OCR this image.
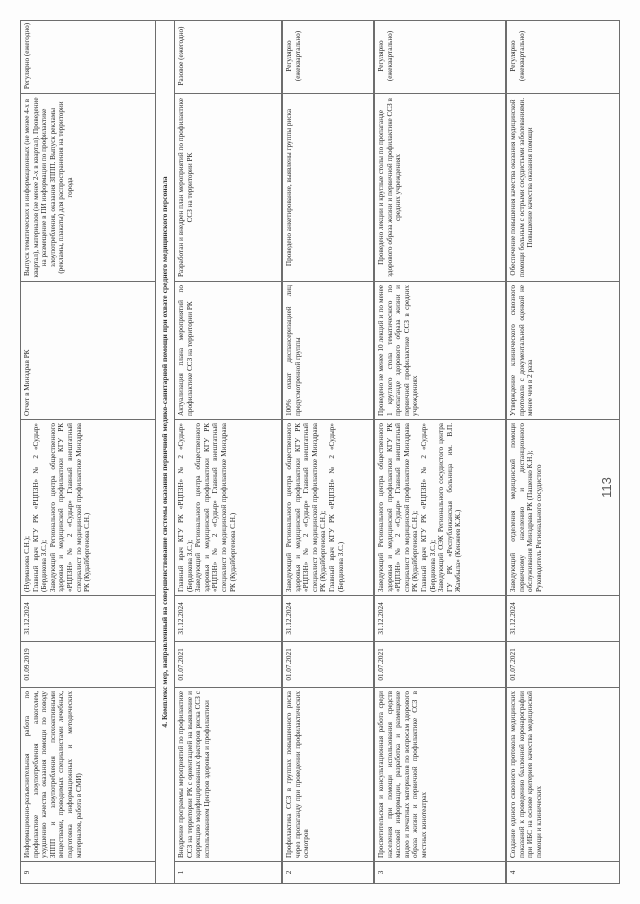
9
Информационно-разъяснительная работа по профилактике злоупотребления алкоголем, ухудшению качества оказания помощи по поводу ЗППП и злоупотребления психоактивными веществами, проводимых специалистами лечебных, подготовка информационных и методических материалов, работа в СМИ)
01.09.2019
31.12.2024
(Нурманова С.Н.);
Главный врач КГУ РК «РЦПЗН» № 2 «Судыр» (Бердикова З.С.);
Заведующий Регионального центра общественного здоровья и медицинской профилактики КГУ РК «РЦПЗН» № 2 «Судыр» Главный внештатный специалист по медицинской профилактике Минздрава РК (Кудайбергенова С.Н.)
Отчет в Минздрав РК
Выпуск тематических и информационных (не менее 4-х в квартал), материалов (не менее 2-х в квартал). Проведение на размещение в ПИ информации по профилактике злоупотребления, оказания ЗППП. Выпуск рекламы (рекламы, плакаты) для распространения на территории города
Регулярно (ежегодно)
4. Комплекс мер, направленный на совершенствование системы оказания первичной медико-санитарной помощи при охвате среднего медицинского персонала
1
Внедрение программы мероприятий по профилактике ССЗ на территории РК с ориентацией на выявление и коррекцию модифицированных факторов риска ССЗ с использованием Центров здоровья и профилактики
01.07.2021
31.12.2024
Главный врач КГУ РК «РЦПЗН» № 2 «Судыр» (Бердикова З.С.);
Заведующий Регионального центра общественного здоровья и медицинской профилактики КГУ РК «РЦПЗН» № 2 «Судыр» Главный внештатный специалист по медицинской профилактике Минздрава РК (Кудайбергенова С.Н.)
Актуализация плана мероприятий по профилактике ССЗ на территории РК
Разработан и внедрен план мероприятий по профилактике ССЗ на территории РК
Разовое (ежегодно)
2
Профилактика ССЗ в группах повышенного риска через пропаганду при проведении профилактических осмотров
01.07.2021
31.12.2024
Заведующий Регионального центра общественного здоровья и медицинской профилактики КГУ РК «РЦПЗН» № 2 «Судыр» Главный внештатный специалист по медицинской профилактике Минздрава РК (Кудайбергенова С.Н.);
Главный врач КГУ РК «РЦПЗН» № 2 «Судыр» (Бердикова З.С.)
100% охват диспансеризацией лиц предусмотренной группы
Проведено анкетирование, выявлены группы риска
Регулярно (ежеквартально)
3
Просветительская и консультационная работа среди населения при помощи использования средств массовой информации, разработка и размещение видео и печатных материалов по вопросам здорового образа жизни и первичной профилактике ССЗ в местных кинотеатрах
01.07.2021
31.12.2024
Заведующий Регионального центра общественного здоровья и медицинской профилактики КГУ РК «РЦПЗН» № 2 «Судыр» Главный внештатный специалист по медицинской профилактике Минздрава РК (Кудайбергенова С.Н.);
Главный врач КГУ РК «РЦПЗН» № 2 «Судыр» (Бердикова З.С.);
Заведующий ОЭК Регионального сосудистого центра ГУ РК «Республиканская больница им. В.П. Жамбыла» (Кенжеев К.Ж.)
Проведено не менее 10 лекций и по менее 1 круглого стола тематического по пропаганде здорового образа жизни и первичной профилактике ССЗ в средних учреждениях
Проведено лекции и круглые столы по пропаганде здорового образа жизни и первичной профилактике ССЗ в средних учреждениях
Регулярно (ежеквартально)
4
Создание единого сквозного протокола медицинских показаний к проведению баллонной коронарографии при ИБС на основе критериев качества медицинской помощи и клинических
01.07.2021
31.12.2024
Заведующий отделения медицинской помощи первичному населению и дистанционного обслуживания Минздрава РК (Пашенко К.Н.);
Руководитель Регионального сосудистого
Утверждение клинического сквозного протокола с документальной оценкой не менее чем в 2 раза
Обеспечение повышения качества оказания медицинской помощи больным с острыми сосудистыми заболеваниями. Повышение качества оказания помощи
Регулярно (ежеквартально)
113
